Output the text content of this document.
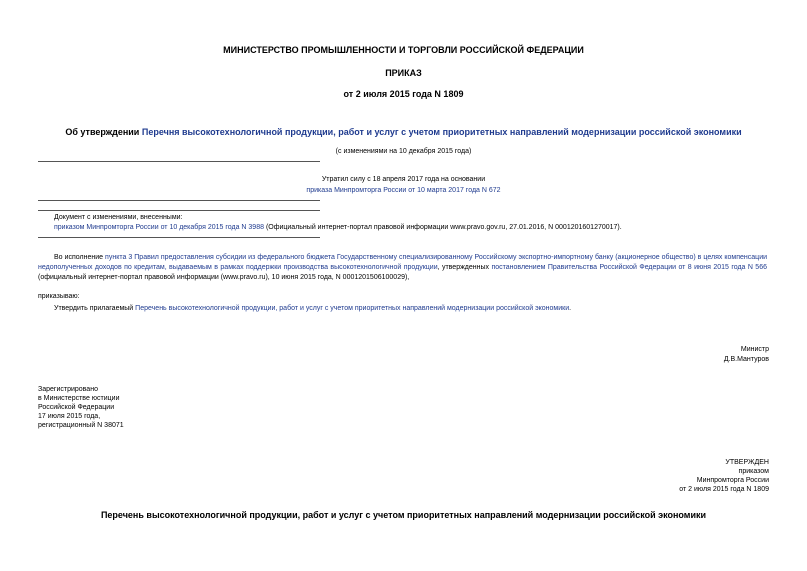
МИНИСТЕРСТВО ПРОМЫШЛЕННОСТИ И ТОРГОВЛИ РОССИЙСКОЙ ФЕДЕРАЦИИ
ПРИКАЗ
от 2 июля 2015 года N 1809
Об утверждении Перечня высокотехнологичной продукции, работ и услуг с учетом приоритетных направлений модернизации российской экономики
(с изменениями на 10 декабря 2015 года)
Утратил силу с 18 апреля 2017 года на основании
приказа Минпромторга России от 10 марта 2017 года N 672
Документ с изменениями, внесенными:
приказом Минпромторга России от 10 декабря 2015 года N 3988 (Официальный интернет-портал правовой информации www.pravo.gov.ru, 27.01.2016, N 0001201601270017).
Во исполнение пункта 3 Правил предоставления субсидии из федерального бюджета Государственному специализированному Российскому экспортно-импортному банку (акционерное общество) в целях компенсации недополученных доходов по кредитам, выдаваемым в рамках поддержки производства высокотехнологичной продукции, утвержденных постановлением Правительства Российской Федерации от 8 июня 2015 года N 566 (официальный интернет-портал правовой информации (www.pravo.ru), 10 июня 2015 года, N 0001201506100029),
приказываю:
Утвердить прилагаемый Перечень высокотехнологичной продукции, работ и услуг с учетом приоритетных направлений модернизации российской экономики.
Министр
Д.В.Мантуров
Зарегистрировано
в Министерстве юстиции
Российской Федерации
17 июля 2015 года,
регистрационный N 38071
УТВЕРЖДЕН
приказом
Минпромторга России
от 2 июля 2015 года N 1809
Перечень высокотехнологичной продукции, работ и услуг с учетом приоритетных направлений модернизации российской экономики
